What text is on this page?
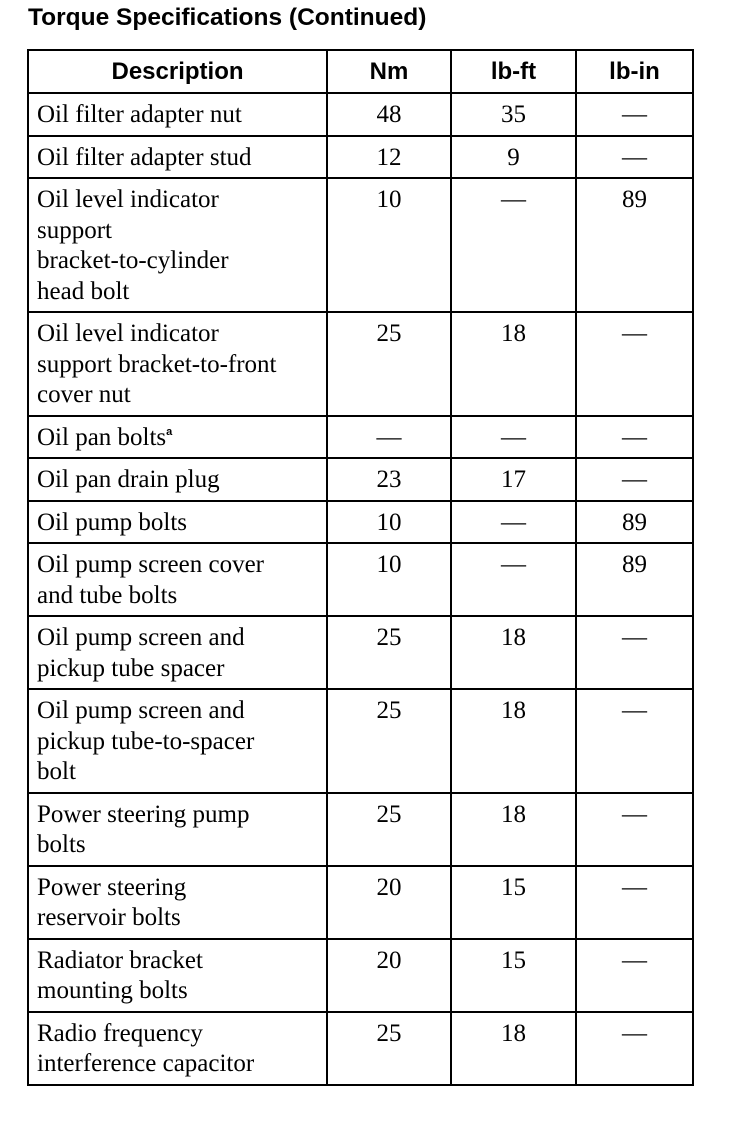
Torque Specifications (Continued)
Description	Nm	lb-ft	lb-in
Oil filter adapter nut	48	35	—
Oil filter adapter stud	12	9	—
Oil level indicator
support
bracket-to-cylinder
head bolt	10	—	89
Oil level indicator
support bracket-to-front
cover nut	25	18	—
Oil pan bolts$^a$	—	—	—
Oil pan drain plug	23	17	—
Oil pump bolts	10	—	89
Oil pump screen cover
and tube bolts	10	—	89
Oil pump screen and
pickup tube spacer	25	18	—
Oil pump screen and
pickup tube-to-spacer
bolt	25	18	—
Power steering pump
bolts	25	18	—
Power steering
reservoir bolts	20	15	—
Radiator bracket
mounting bolts	20	15	—
Radio frequency
interference capacitor	25	18	—
